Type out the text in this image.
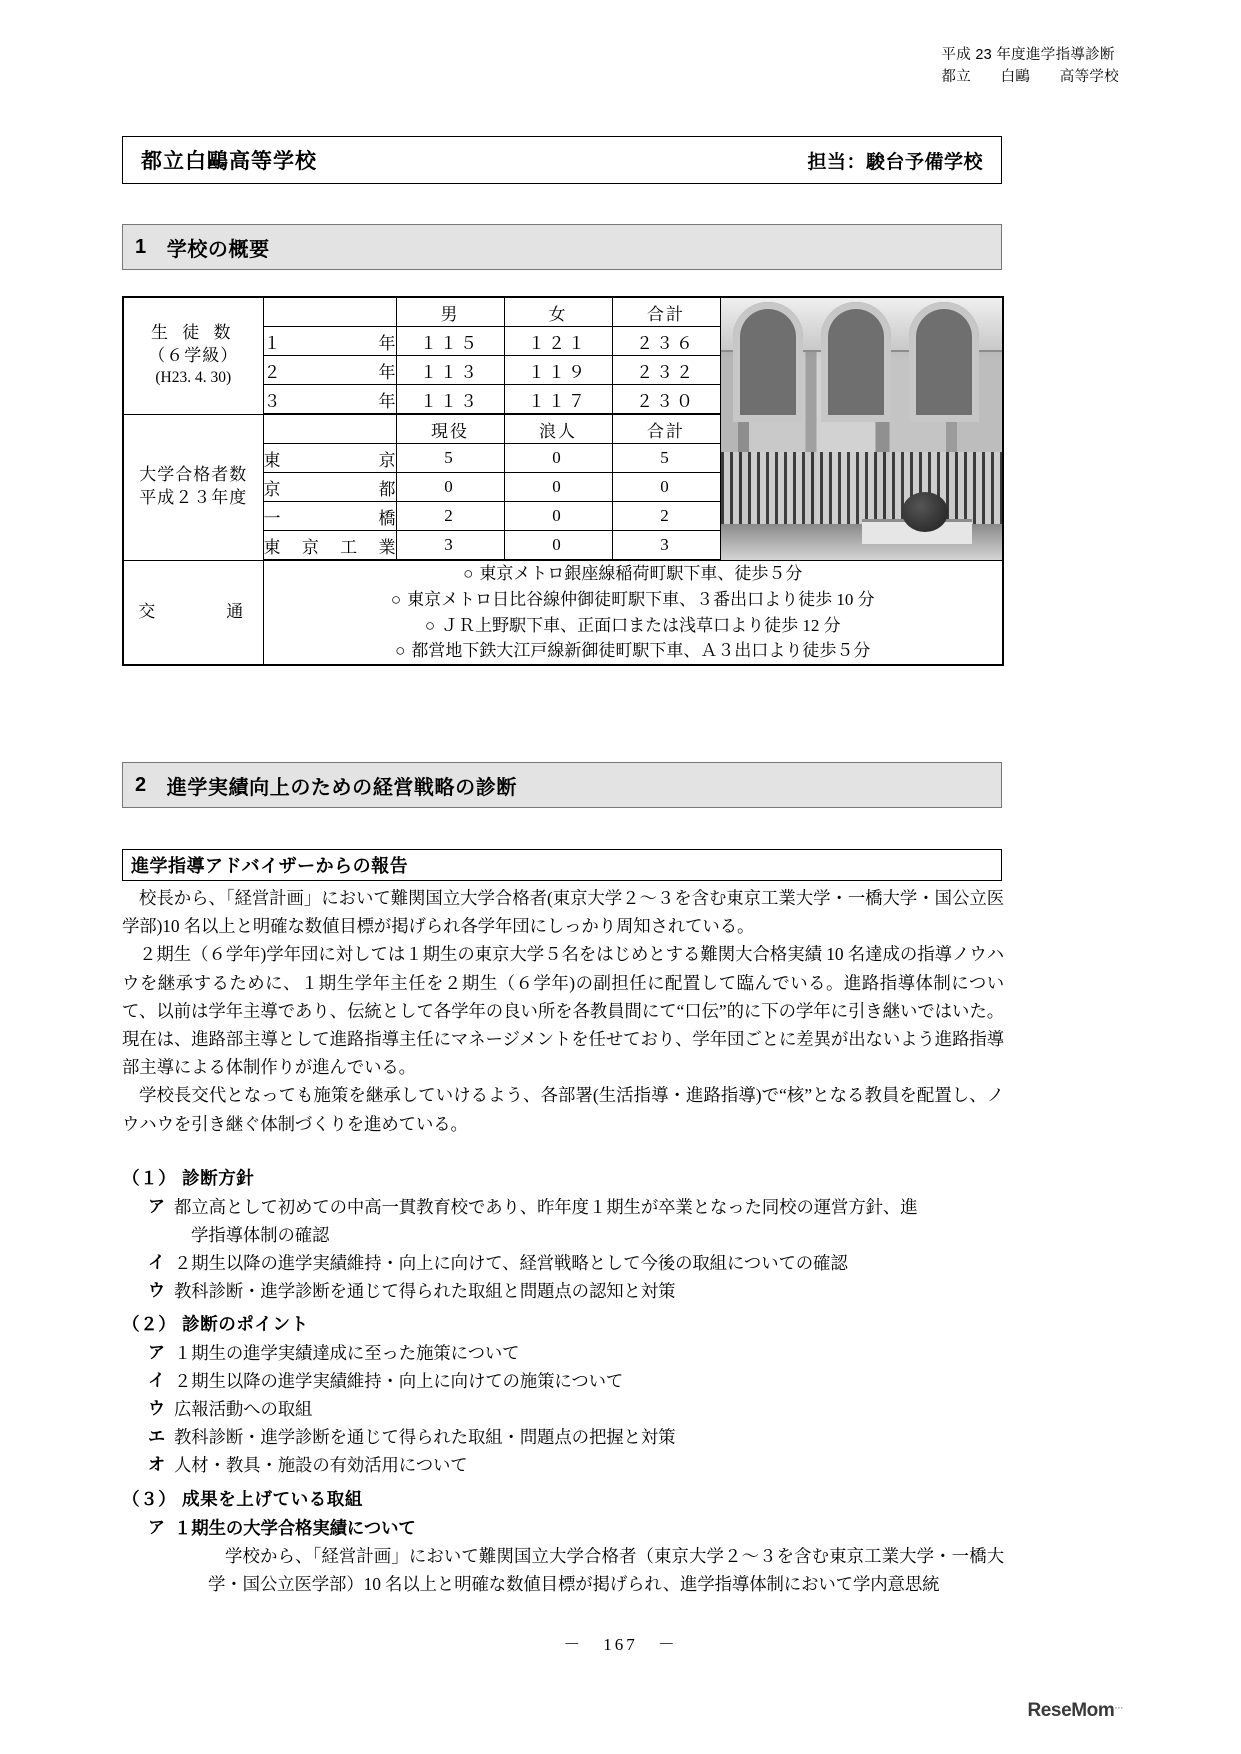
平成 23 年度進学指導診断
都立　　白鷗　　高等学校
都立白鷗高等学校	担当：駿台予備学校
1 学校の概要
生 徒 数
（６学級）
(H23. 4. 30)		男	女	合計	

	１　　年	１１５	１２１	２３６	
	２　　年	１１３	１１９	２３２	
	３　　年	１１３	１１７	２３０	

大学合格者数
平成２３年度		現役	浪人	合計	
	東　　　京	5	0	5	
	京　　　都	0	0	0	
	一　　　橋	2	0	2	
	東 京 工 業	3	0	3	
交　　　通	○ 東京メトロ銀座線稲荷町駅下車、徒歩５分
○ 東京メトロ日比谷線仲御徒町駅下車、３番出口より徒歩 10 分
○ ＪＲ上野駅下車、正面口または浅草口より徒歩 12 分
○ 都営地下鉄大江戸線新御徒町駅下車、Ａ３出口より徒歩５分				
2 進学実績向上のための経営戦略の診断
進学指導アドバイザーからの報告

校長から、「経営計画」において難関国立大学合格者(東京大学２～３を含む東京工業大学・一橋大学・国公立医学部)10 名以上と明確な数値目標が掲げられ各学年団にしっかり周知されている。

２期生（６学年)学年団に対しては１期生の東京大学５名をはじめとする難関大合格実績 10 名達成の指導ノウハウを継承するために、１期生学年主任を２期生（６学年)の副担任に配置して臨んでいる。進路指導体制について、以前は学年主導であり、伝統として各学年の良い所を各教員間にて“口伝”的に下の学年に引き継いではいた。現在は、進路部主導として進路指導主任にマネージメントを任せており、学年団ごとに差異が出ないよう進路指導部主導による体制作りが進んでいる。

学校長交代となっても施策を継承していけるよう、各部署(生活指導・進路指導)で“核”となる教員を配置し、ノウハウを引き継ぐ体制づくりを進めている。

（１） 診断方針
ア 都立高として初めての中高一貫教育校であり、昨年度１期生が卒業となった同校の運営方針、進
学指導体制の確認
イ ２期生以降の進学実績維持・向上に向けて、経営戦略として今後の取組についての確認
ウ 教科診断・進学診断を通じて得られた取組と問題点の認知と対策
（２） 診断のポイント
ア １期生の進学実績達成に至った施策について
イ ２期生以降の進学実績維持・向上に向けての施策について
ウ 広報活動への取組
エ 教科診断・進学診断を通じて得られた取組・問題点の把握と対策
オ 人材・教具・施設の有効活用について
（３） 成果を上げている取組
ア １期生の大学合格実績について
学校から、「経営計画」において難関国立大学合格者（東京大学２～３を含む東京工業大学・一橋大学・国公立医学部）10 名以上と明確な数値目標が掲げられ、進学指導体制において学内意思統
－　167　－
ReseMom…
